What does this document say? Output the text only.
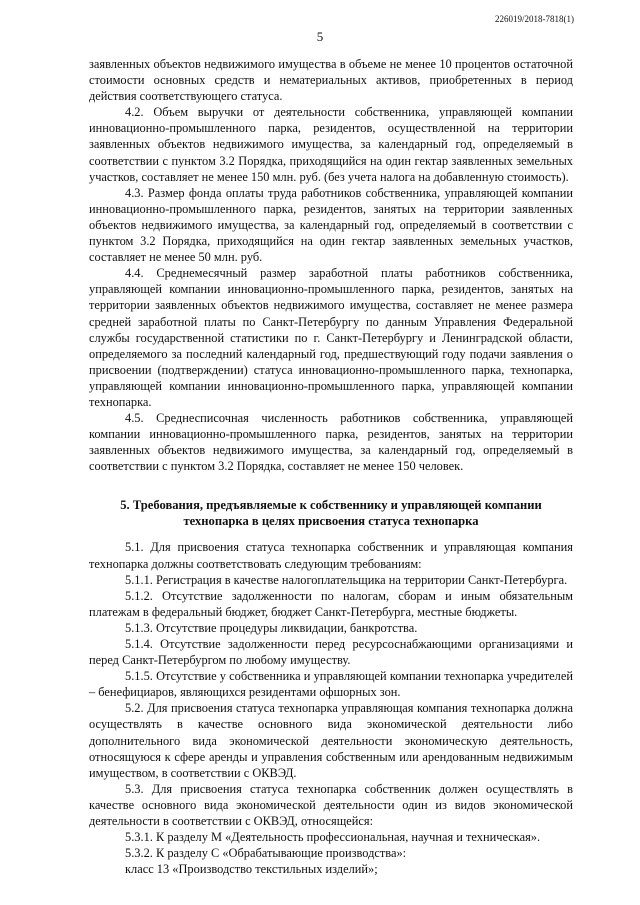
226019/2018-7818(1)
5

заявленных объектов недвижимого имущества в объеме не менее 10 процентов остаточной стоимости основных средств и нематериальных активов, приобретенных в период действия соответствующего статуса.

4.2. Объем выручки от деятельности собственника, управляющей компании инновационно-промышленного парка, резидентов, осуществленной на территории заявленных объектов недвижимого имущества, за календарный год, определяемый в соответствии с пунктом 3.2 Порядка, приходящийся на один гектар заявленных земельных участков, составляет не менее 150 млн. руб. (без учета налога на добавленную стоимость).

4.3. Размер фонда оплаты труда работников собственника, управляющей компании инновационно-промышленного парка, резидентов, занятых на территории заявленных объектов недвижимого имущества, за календарный год, определяемый в соответствии с пунктом 3.2 Порядка, приходящийся на один гектар заявленных земельных участков, составляет не менее 50 млн. руб.

4.4. Среднемесячный размер заработной платы работников собственника, управляющей компании инновационно-промышленного парка, резидентов, занятых на территории заявленных объектов недвижимого имущества, составляет не менее размера средней заработной платы по Санкт-Петербургу по данным Управления Федеральной службы государственной статистики по г. Санкт-Петербургу и Ленинградской области, определяемого за последний календарный год, предшествующий году подачи заявления о присвоении (подтверждении) статуса инновационно-промышленного парка, технопарка, управляющей компании инновационно-промышленного парка, управляющей компании технопарка.

4.5. Среднесписочная численность работников собственника, управляющей компании инновационно-промышленного парка, резидентов, занятых на территории заявленных объектов недвижимого имущества, за календарный год, определяемый в соответствии с пунктом 3.2 Порядка, составляет не менее 150 человек.

5. Требования, предъявляемые к собственнику и управляющей компании технопарка в целях присвоения статуса технопарка

5.1. Для присвоения статуса технопарка собственник и управляющая компания технопарка должны соответствовать следующим требованиям:

5.1.1. Регистрация в качестве налогоплательщика на территории Санкт-Петербурга.

5.1.2. Отсутствие задолженности по налогам, сборам и иным обязательным платежам в федеральный бюджет, бюджет Санкт-Петербурга, местные бюджеты.

5.1.3. Отсутствие процедуры ликвидации, банкротства.

5.1.4. Отсутствие задолженности перед ресурсоснабжающими организациями и перед Санкт-Петербургом по любому имуществу.

5.1.5. Отсутствие у собственника и управляющей компании технопарка учредителей – бенефициаров, являющихся резидентами офшорных зон.

5.2. Для присвоения статуса технопарка управляющая компания технопарка должна осуществлять в качестве основного вида экономической деятельности либо дополнительного вида экономической деятельности экономическую деятельность, относящуюся к сфере аренды и управления собственным или арендованным недвижимым имуществом, в соответствии с ОКВЭД.

5.3. Для присвоения статуса технопарка собственник должен осуществлять в качестве основного вида экономической деятельности один из видов экономической деятельности в соответствии с ОКВЭД, относящейся:

5.3.1. К разделу М «Деятельность профессиональная, научная и техническая».

5.3.2. К разделу С «Обрабатывающие производства»:

класс 13 «Производство текстильных изделий»;
